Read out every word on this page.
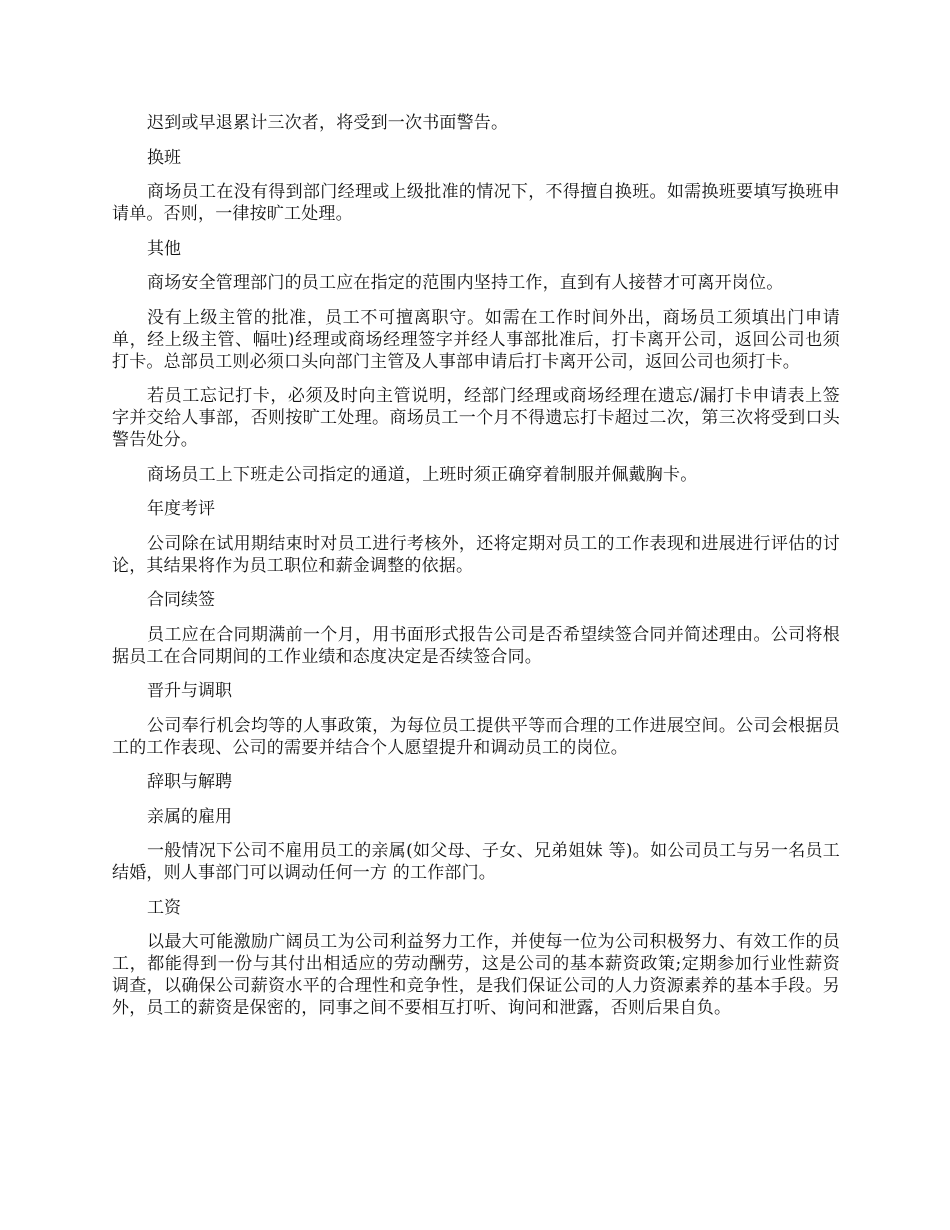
迟到或早退累计三次者，将受到一次书面警告。

换班

商场员工在没有得到部门经理或上级批准的情况下，不得擅自换班。如需换班要填写换班申请单。否则，一律按旷工处理。

其他

商场安全管理部门的员工应在指定的范围内坚持工作，直到有人接替才可离开岗位。

没有上级主管的批准，员工不可擅离职守。如需在工作时间外出，商场员工须填出门申请单，经上级主管、幅吐)经理或商场经理签字并经人事部批准后，打卡离开公司，返回公司也须打卡。总部员工则必须口头向部门主管及人事部申请后打卡离开公司，返回公司也须打卡。

若员工忘记打卡，必须及时向主管说明，经部门经理或商场经理在遗忘/漏打卡申请表上签字并交给人事部，否则按旷工处理。商场员工一个月不得遗忘打卡超过二次，第三次将受到口头警告处分。

商场员工上下班走公司指定的通道，上班时须正确穿着制服并佩戴胸卡。

年度考评

公司除在试用期结束时对员工进行考核外，还将定期对员工的工作表现和进展进行评估的讨论，其结果将作为员工职位和薪金调整的依据。

合同续签

员工应在合同期满前一个月，用书面形式报告公司是否希望续签合同并简述理由。公司将根据员工在合同期间的工作业绩和态度决定是否续签合同。

晋升与调职

公司奉行机会均等的人事政策，为每位员工提供平等而合理的工作进展空间。公司会根据员工的工作表现、公司的需要并结合个人愿望提升和调动员工的岗位。

辞职与解聘

亲属的雇用

一般情况下公司不雇用员工的亲属(如父母、子女、兄弟姐妹 等)。如公司员工与另一名员工结婚，则人事部门可以调动任何一方 的工作部门。

工资

以最大可能激励广阔员工为公司利益努力工作，并使每一位为公司积极努力、有效工作的员工，都能得到一份与其付出相适应的劳动酬劳，这是公司的基本薪资政策;定期参加行业性薪资调查，以确保公司薪资水平的合理性和竞争性，是我们保证公司的人力资源素养的基本手段。另外，员工的薪资是保密的，同事之间不要相互打听、询问和泄露，否则后果自负。
